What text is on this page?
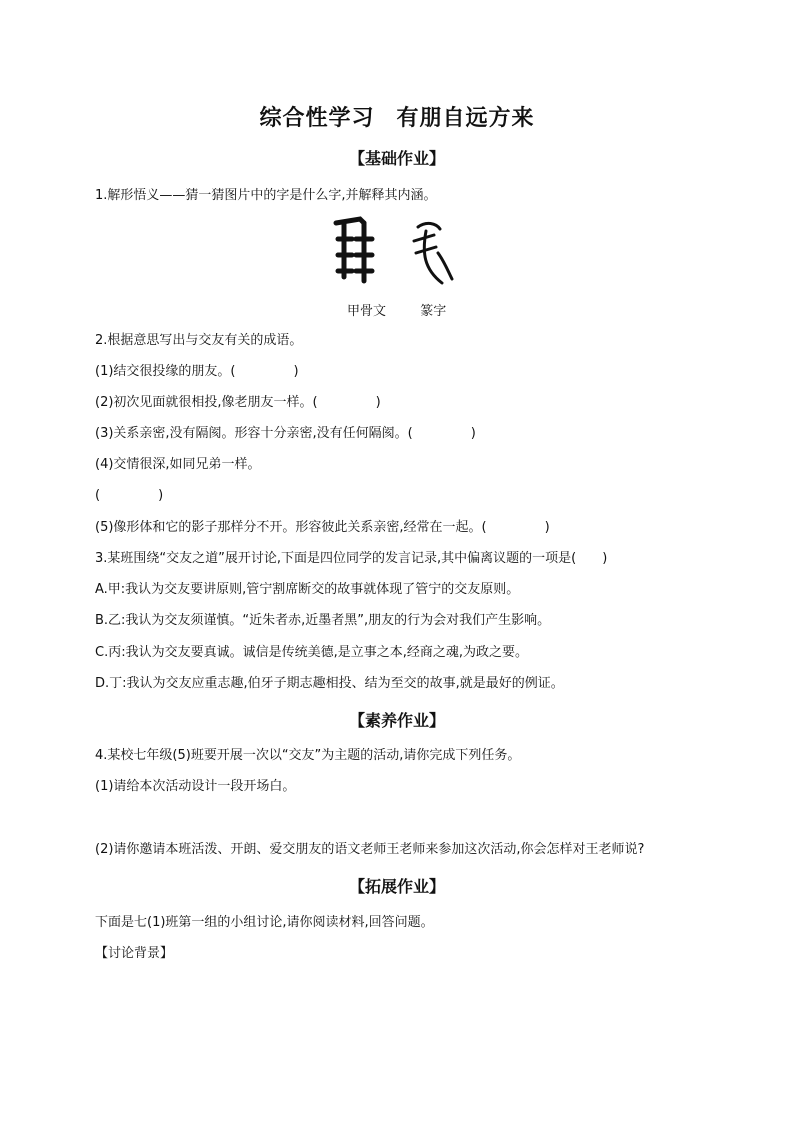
综合性学习 有朋自远方来
【基础作业】
1.解形悟义——猜一猜图片中的字是什么字,并解释其内涵。
甲骨文	篆字
2.根据意思写出与交友有关的成语。
(1)结交很投缘的朋友。(	)
(2)初次见面就很相投,像老朋友一样。(	)
(3)关系亲密,没有隔阂。形容十分亲密,没有任何隔阂。(	)
(4)交情很深,如同兄弟一样。
(	)
(5)像形体和它的影子那样分不开。形容彼此关系亲密,经常在一起。(	)
3.某班围绕“交友之道”展开讨论,下面是四位同学的发言记录,其中偏离议题的一项是( )
A.甲:我认为交友要讲原则,管宁割席断交的故事就体现了管宁的交友原则。
B.乙:我认为交友须谨慎。“近朱者赤,近墨者黑”,朋友的行为会对我们产生影响。
C.丙:我认为交友要真诚。诚信是传统美德,是立事之本,经商之魂,为政之要。
D.丁:我认为交友应重志趣,伯牙子期志趣相投、结为至交的故事,就是最好的例证。
【素养作业】
4.某校七年级(5)班要开展一次以“交友”为主题的活动,请你完成下列任务。
(1)请给本次活动设计一段开场白。
(2)请你邀请本班活泼、开朗、爱交朋友的语文老师王老师来参加这次活动,你会怎样对王老师说?
【拓展作业】
下面是七(1)班第一组的小组讨论,请你阅读材料,回答问题。
【讨论背景】
